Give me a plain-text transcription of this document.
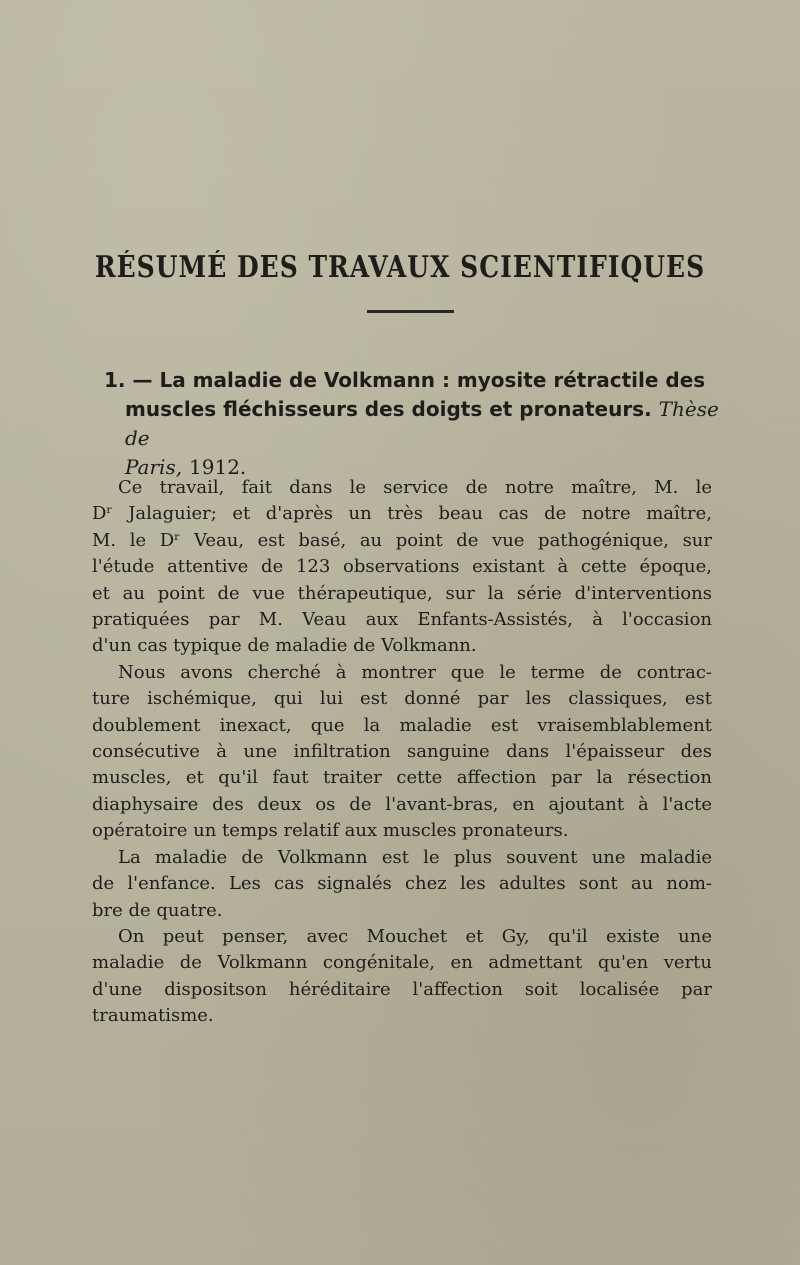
RÉSUMÉ DES TRAVAUX SCIENTIFIQUES
1. — La maladie de Volkmann : myosite rétractile des
muscles fléchisseurs des doigts et pronateurs. Thèse de
Paris, 1912.
Ce travail, fait dans le service de notre maître, M. le
Dʳ Jalaguier; et d'après un très beau cas de notre maître,
M. le Dʳ Veau, est basé, au point de vue pathogénique, sur
l'étude attentive de 123 observations existant à cette époque,
et au point de vue thérapeutique, sur la série d'interventions
pratiquées par M. Veau aux Enfants-Assistés, à l'occasion
d'un cas typique de maladie de Volkmann.
Nous avons cherché à montrer que le terme de contrac-
ture ischémique, qui lui est donné par les classiques, est
doublement inexact, que la maladie est vraisemblablement
consécutive à une infiltration sanguine dans l'épaisseur des
muscles, et qu'il faut traiter cette affection par la résection
diaphysaire des deux os de l'avant-bras, en ajoutant à l'acte
opératoire un temps relatif aux muscles pronateurs.
La maladie de Volkmann est le plus souvent une maladie
de l'enfance. Les cas signalés chez les adultes sont au nom-
bre de quatre.
On peut penser, avec Mouchet et Gy, qu'il existe une
maladie de Volkmann congénitale, en admettant qu'en vertu
d'une dispositson héréditaire l'affection soit localisée par
traumatisme.
